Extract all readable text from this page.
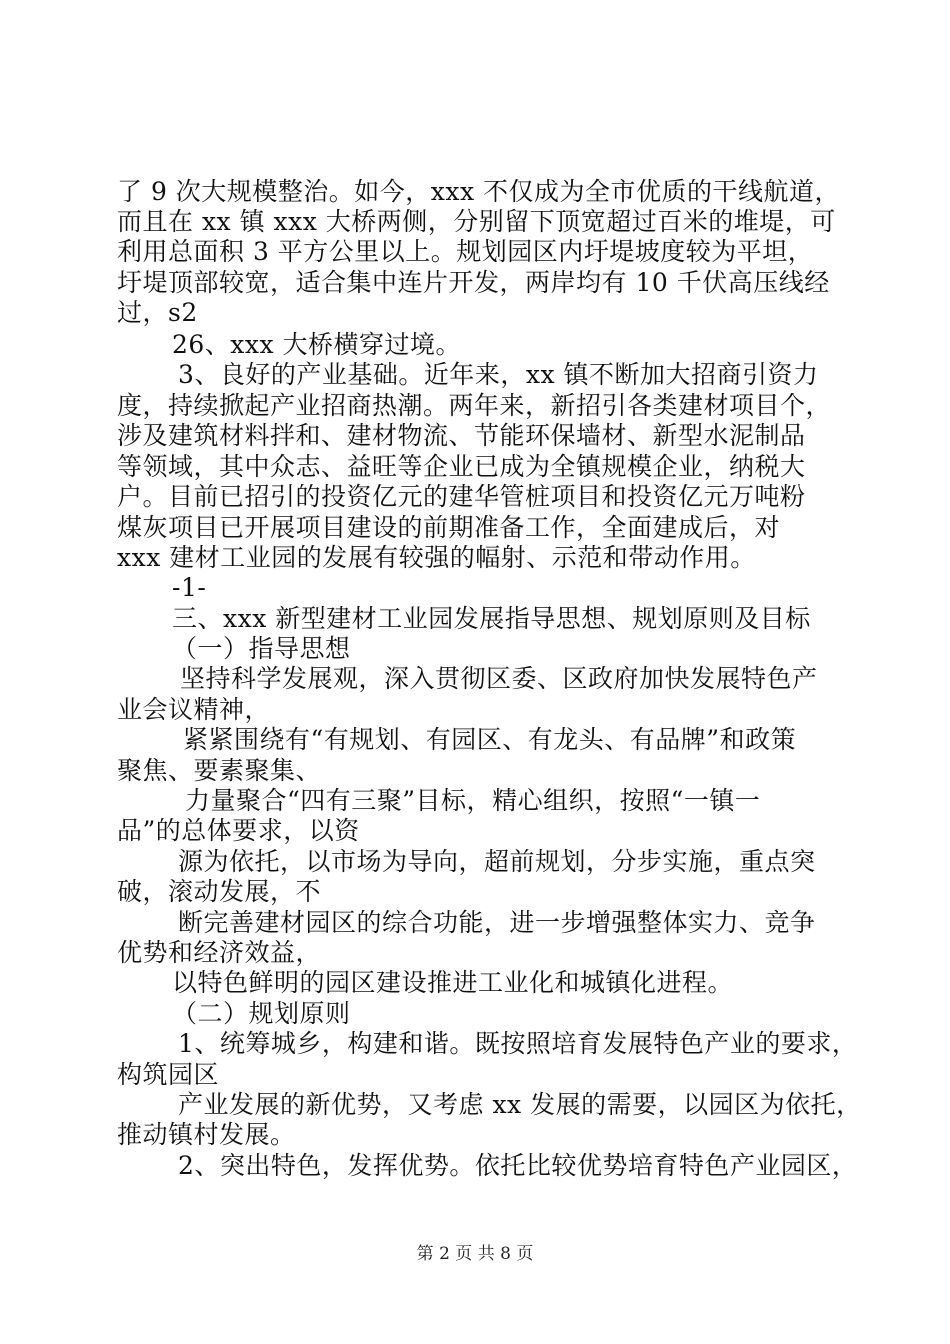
了 9 次大规模整治。如今，xxx 不仅成为全市优质的干线航道，
而且在 xx 镇 xxx 大桥两侧，分别留下顶宽超过百米的堆堤，可
利用总面积 3 平方公里以上。规划园区内圩堤坡度较为平坦，
圩堤顶部较宽，适合集中连片开发，两岸均有 10 千伏高压线经
过，s2
26、xxx 大桥横穿过境。
3、良好的产业基础。近年来，xx 镇不断加大招商引资力
度，持续掀起产业招商热潮。两年来，新招引各类建材项目个，
涉及建筑材料拌和、建材物流、节能环保墙材、新型水泥制品
等领域，其中众志、益旺等企业已成为全镇规模企业，纳税大
户。目前已招引的投资亿元的建华管桩项目和投资亿元万吨粉
煤灰项目已开展项目建设的前期准备工作，全面建成后，对
xxx 建材工业园的发展有较强的幅射、示范和带动作用。
-1-
三、xxx 新型建材工业园发展指导思想、规划原则及目标
（一）指导思想
坚持科学发展观，深入贯彻区委、区政府加快发展特色产
业会议精神，
紧紧围绕有“有规划、有园区、有龙头、有品牌”和政策
聚焦、要素聚集、
力量聚合“四有三聚”目标，精心组织，按照“一镇一
品”的总体要求，以资
源为依托，以市场为导向，超前规划，分步实施，重点突
破，滚动发展，不
断完善建材园区的综合功能，进一步增强整体实力、竞争
优势和经济效益，
以特色鲜明的园区建设推进工业化和城镇化进程。
（二）规划原则
1、统筹城乡，构建和谐。既按照培育发展特色产业的要求，
构筑园区
产业发展的新优势，又考虑 xx 发展的需要，以园区为依托，
推动镇村发展。
2、突出特色，发挥优势。依托比较优势培育特色产业园区，
第 2 页 共 8 页
